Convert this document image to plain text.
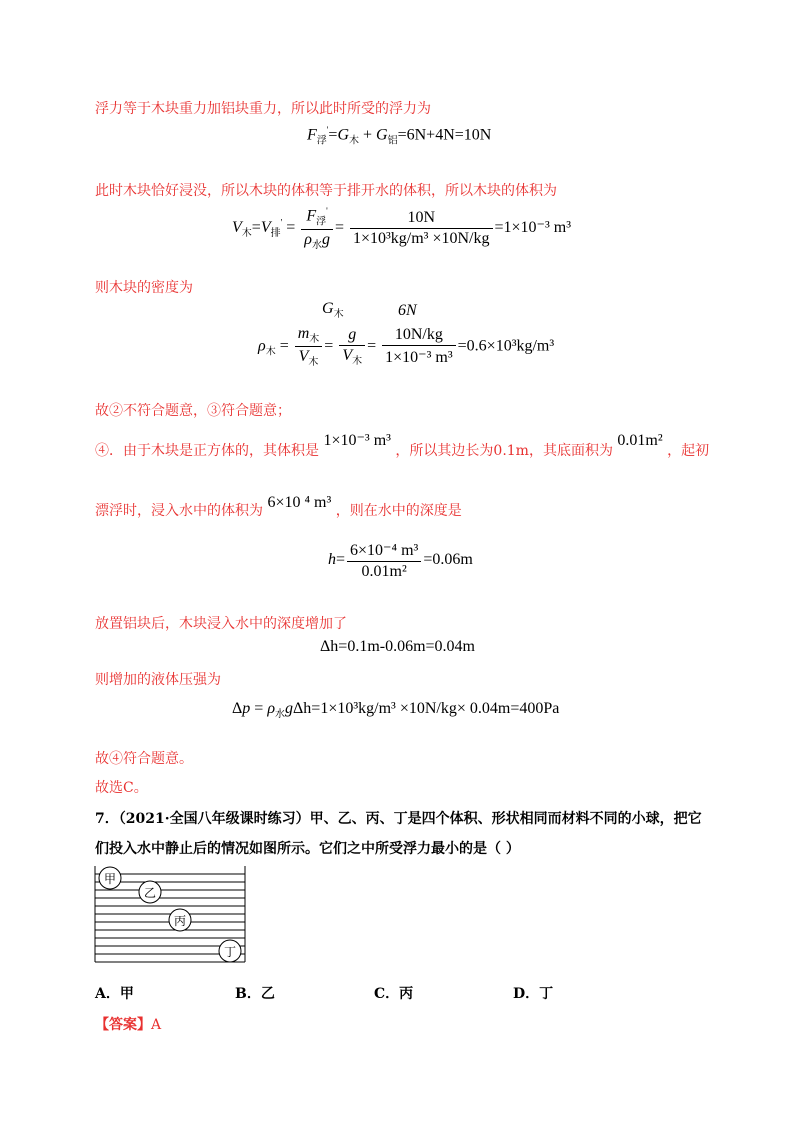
浮力等于木块重力加铝块重力，所以此时所受的浮力为
$F_浮'=G_木 + G_铝=6N+4N=10N$
此时木块恰好浸没，所以木块的体积等于排开水的体积，所以木块的体积为
$V_木=V_排' = \frac{F_浮'}{\rho_水g} = \frac{10N}{\text{1×10³kg/m³ ×10N/kg}} =1\times 10^{-3}$ m³
则木块的密度为
$G_木$	6N
$\rho_木 = \frac{m_木}{V_木} = \frac{g}{V_木} = \frac{10N/kg}{\text{1×10⁻³ m³}} =0.6\times 10^3kg/m^3$
故②不符合题意，③符合题意；
④．由于木块是正方体的，其体积是 1×10⁻³ m³ ，所以其边长为0.1m，其底面积为 0.01m² ，起初
漂浮时，浸入水中的体积为 6×10 ⁴ m³ ，则在水中的深度是
$h= \frac{\text{6×10⁻⁴ m³}}{\text{0.01m²}} =0.06m$
放置铝块后，木块浸入水中的深度增加了
Δh=0.1m-0.06m=0.04m
则增加的液体压强为
$\Delta p = \rho_水g\Delta h=1\times 10^3kg/m^3 \times 10N/kg\times 0.04m=400Pa$
故④符合题意。
故选C。
7．（2021·全国八年级课时练习）甲、乙、丙、丁是四个体积、形状相同而材料不同的小球，把它
们投入水中静止后的情况如图所示。它们之中所受浮力最小的是（ ）
甲
乙
丙
丁
A．甲	B．乙	C．丙	D．丁
【答案】A
